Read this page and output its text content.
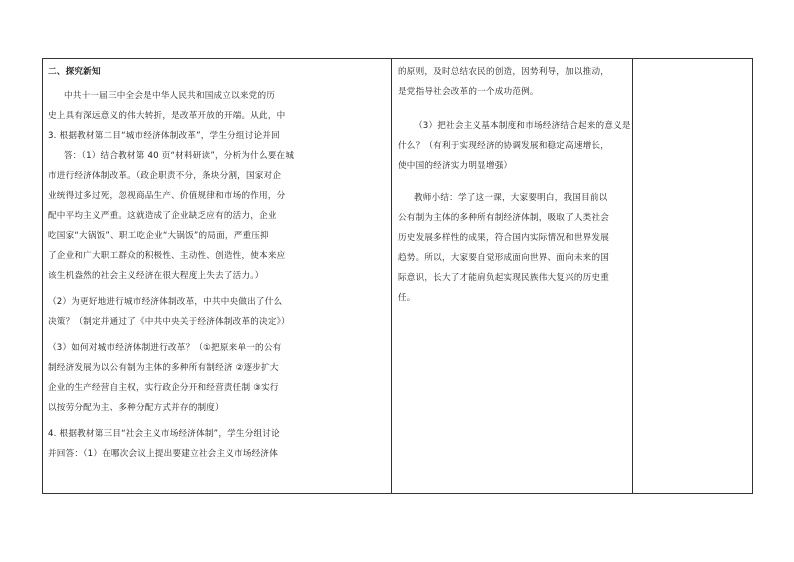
二、探究新知
中共十一届三中全会是中华人民共和国成立以来党的历
史上具有深远意义的伟大转折，是改革开放的开端。从此，中
3. 根据教材第二目“城市经济体制改革”，学生分组讨论并回
答：（1）结合教材第 40 页“材料研读”，分析为什么要在城
市进行经济体制改革。（政企职责不分，条块分割，国家对企
业统得过多过死，忽视商品生产、价值规律和市场的作用，分
配中平均主义严重。这就造成了企业缺乏应有的活力，企业
吃国家“大锅饭”、职工吃企业“大锅饭”的局面，严重压抑
了企业和广大职工群众的积极性、主动性、创造性，使本来应
该生机盎然的社会主义经济在很大程度上失去了活力。）
（2）为更好地进行城市经济体制改革，中共中央做出了什么
决策？（制定并通过了《中共中央关于经济体制改革的决定》）
（3）如何对城市经济体制进行改革？（①把原来单一的公有
制经济发展为以公有制为主体的多种所有制经济 ②逐步扩大
企业的生产经营自主权，实行政企分开和经营责任制 ③实行
以按劳分配为主、多种分配方式并存的制度）
4. 根据教材第三目“社会主义市场经济体制”，学生分组讨论
并回答：（1）在哪次会议上提出要建立社会主义市场经济体
的原则，及时总结农民的创造，因势利导，加以推动，
是党指导社会改革的一个成功范例。
（3）把社会主义基本制度和市场经济结合起来的意义是
什么？（有利于实现经济的协调发展和稳定高速增长，
使中国的经济实力明显增强）
教师小结：学了这一课，大家要明白，我国目前以
公有制为主体的多种所有制经济体制，吸取了人类社会
历史发展多样性的成果，符合国内实际情况和世界发展
趋势。所以，大家要自觉形成面向世界、面向未来的国
际意识，长大了才能肩负起实现民族伟大复兴的历史重
任。
